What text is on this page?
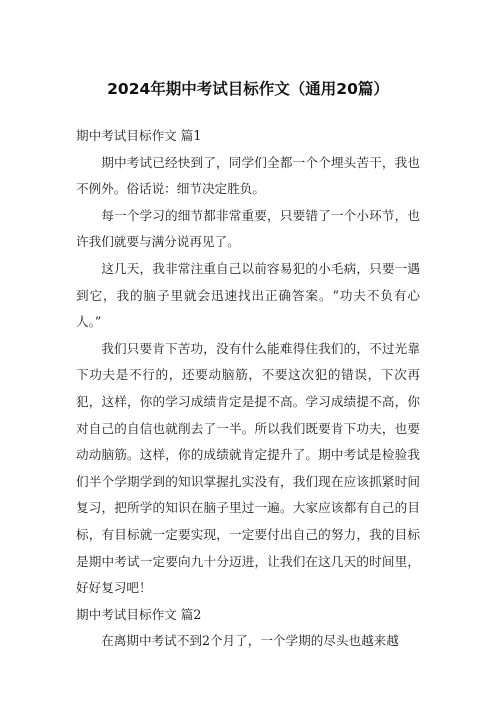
2024年期中考试目标作文（通用20篇）

期中考试目标作文 篇1

期中考试已经快到了，同学们全都一个个埋头苦干，我也不例外。俗话说：细节决定胜负。

每一个学习的细节都非常重要，只要错了一个小环节，也许我们就要与满分说再见了。

这几天，我非常注重自己以前容易犯的小毛病，只要一遇到它，我的脑子里就会迅速找出正确答案。“功夫不负有心人。”

我们只要肯下苦功，没有什么能难得住我们的，不过光靠下功夫是不行的，还要动脑筋，不要这次犯的错误，下次再犯，这样，你的学习成绩肯定是提不高。学习成绩提不高，你对自己的自信也就削去了一半。所以我们既要肯下功夫，也要动动脑筋。这样，你的成绩就肯定提升了。期中考试是检验我们半个学期学到的知识掌握扎实没有，我们现在应该抓紧时间复习，把所学的知识在脑子里过一遍。大家应该都有自己的目标，有目标就一定要实现，一定要付出自己的努力，我的目标是期中考试一定要向九十分迈进，让我们在这几天的时间里，好好复习吧！

期中考试目标作文 篇2

在离期中考试不到2个月了，一个学期的尽头也越来越
